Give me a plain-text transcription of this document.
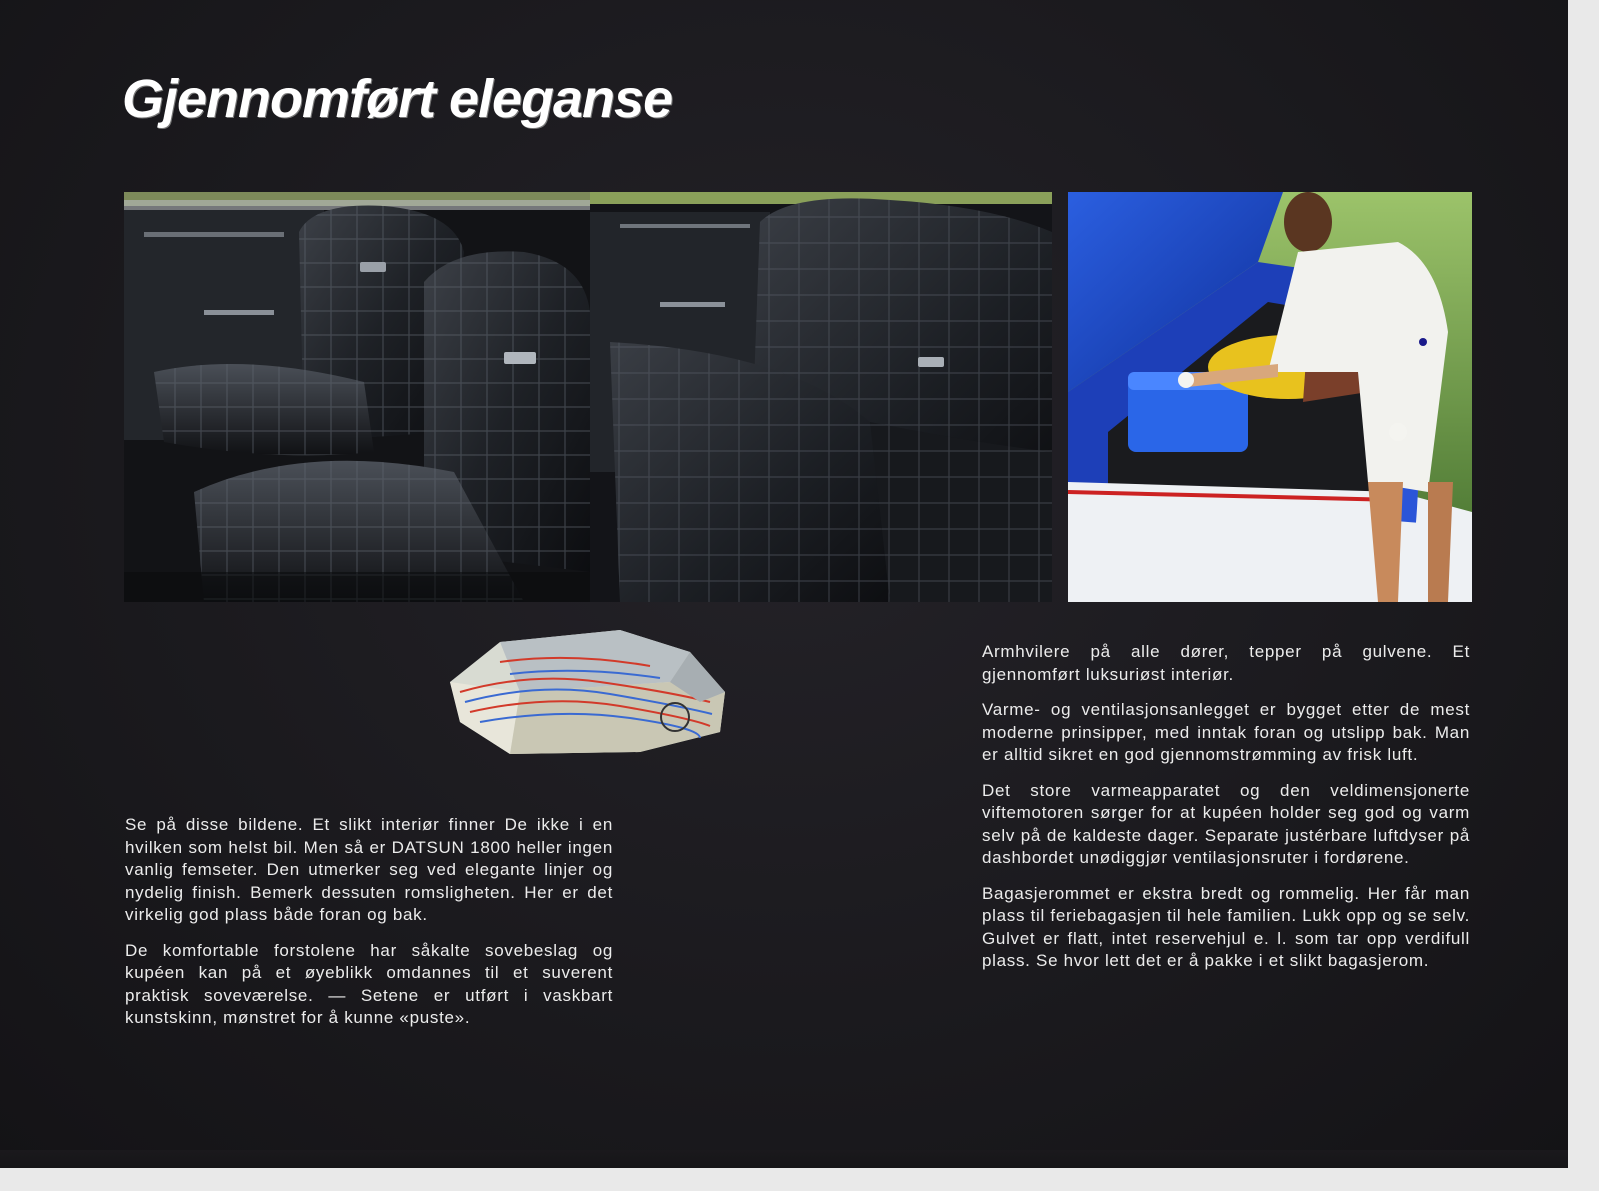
Gjennomført eleganse

Se på disse bildene. Et slikt interiør finner De ikke i en hvilken som helst bil. Men så er DATSUN 1800 heller ingen vanlig femseter. Den utmerker seg ved elegante linjer og nydelig finish. Bemerk dessuten romsligheten. Her er det virkelig god plass både foran og bak.

De komfortable forstolene har såkalte sovebeslag og kupéen kan på et øyeblikk omdannes til et suverent praktisk soveværelse. — Setene er utført i vaskbart kunstskinn, mønstret for å kunne «puste».

Armhvilere på alle dører, tepper på gulvene. Et gjennomført luksuriøst interiør.

Varme- og ventilasjonsanlegget er bygget etter de mest moderne prinsipper, med inntak foran og utslipp bak. Man er alltid sikret en god gjennomstrømming av frisk luft.

Det store varmeapparatet og den veldimensjonerte viftemotoren sørger for at kupéen holder seg god og varm selv på de kaldeste dager. Separate justérbare luftdyser på dashbordet unødiggjør ventilasjonsruter i fordørene.

Bagasjerommet er ekstra bredt og rommelig. Her får man plass til feriebagasjen til hele familien. Lukk opp og se selv. Gulvet er flatt, intet reservehjul e. l. som tar opp verdifull plass. Se hvor lett det er å pakke i et slikt bagasjerom.
